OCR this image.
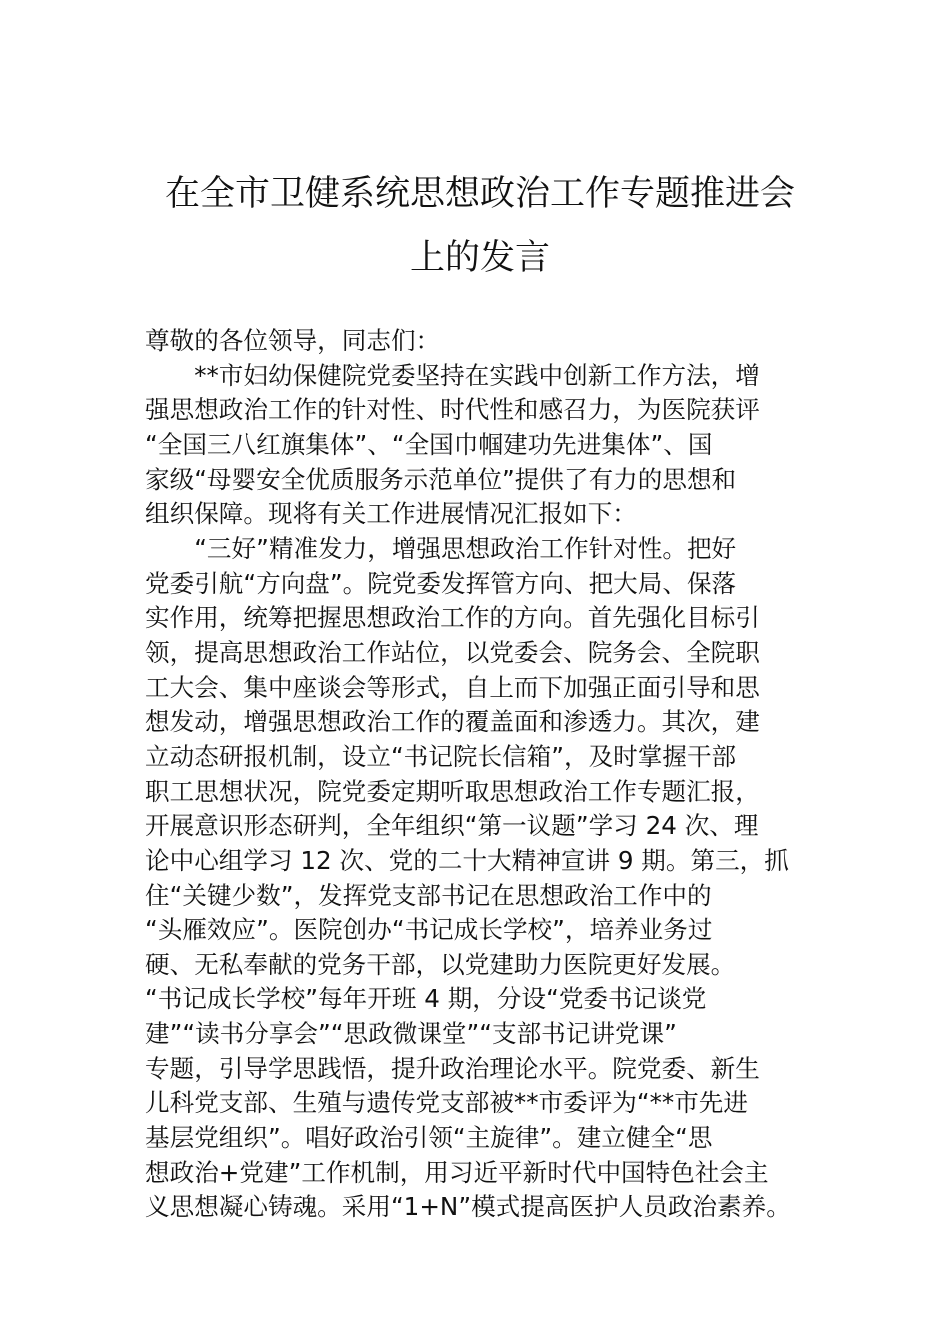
在全市卫健系统思想政治工作专题推进会
上的发言
尊敬的各位领导，同志们：
　　**市妇幼保健院党委坚持在实践中创新工作方法，增
强思想政治工作的针对性、时代性和感召力，为医院获评
“全国三八红旗集体”、“全国巾帼建功先进集体”、国
家级“母婴安全优质服务示范单位”提供了有力的思想和
组织保障。现将有关工作进展情况汇报如下：
　　“三好”精准发力，增强思想政治工作针对性。把好
党委引航“方向盘”。院党委发挥管方向、把大局、保落
实作用，统筹把握思想政治工作的方向。首先强化目标引
领，提高思想政治工作站位，以党委会、院务会、全院职
工大会、集中座谈会等形式，自上而下加强正面引导和思
想发动，增强思想政治工作的覆盖面和渗透力。其次，建
立动态研报机制，设立“书记院长信箱”，及时掌握干部
职工思想状况，院党委定期听取思想政治工作专题汇报，
开展意识形态研判，全年组织“第一议题”学习 24 次、理
论中心组学习 12 次、党的二十大精神宣讲 9 期。第三，抓
住“关键少数”，发挥党支部书记在思想政治工作中的
“头雁效应”。医院创办“书记成长学校”，培养业务过
硬、无私奉献的党务干部，以党建助力医院更好发展。
“书记成长学校”每年开班 4 期，分设“党委书记谈党
建”“读书分享会”“思政微课堂”“支部书记讲党课”
专题，引导学思践悟，提升政治理论水平。院党委、新生
儿科党支部、生殖与遗传党支部被**市委评为“**市先进
基层党组织”。唱好政治引领“主旋律”。建立健全“思
想政治+党建”工作机制，用习近平新时代中国特色社会主
义思想凝心铸魂。采用“1+N”模式提高医护人员政治素养。
